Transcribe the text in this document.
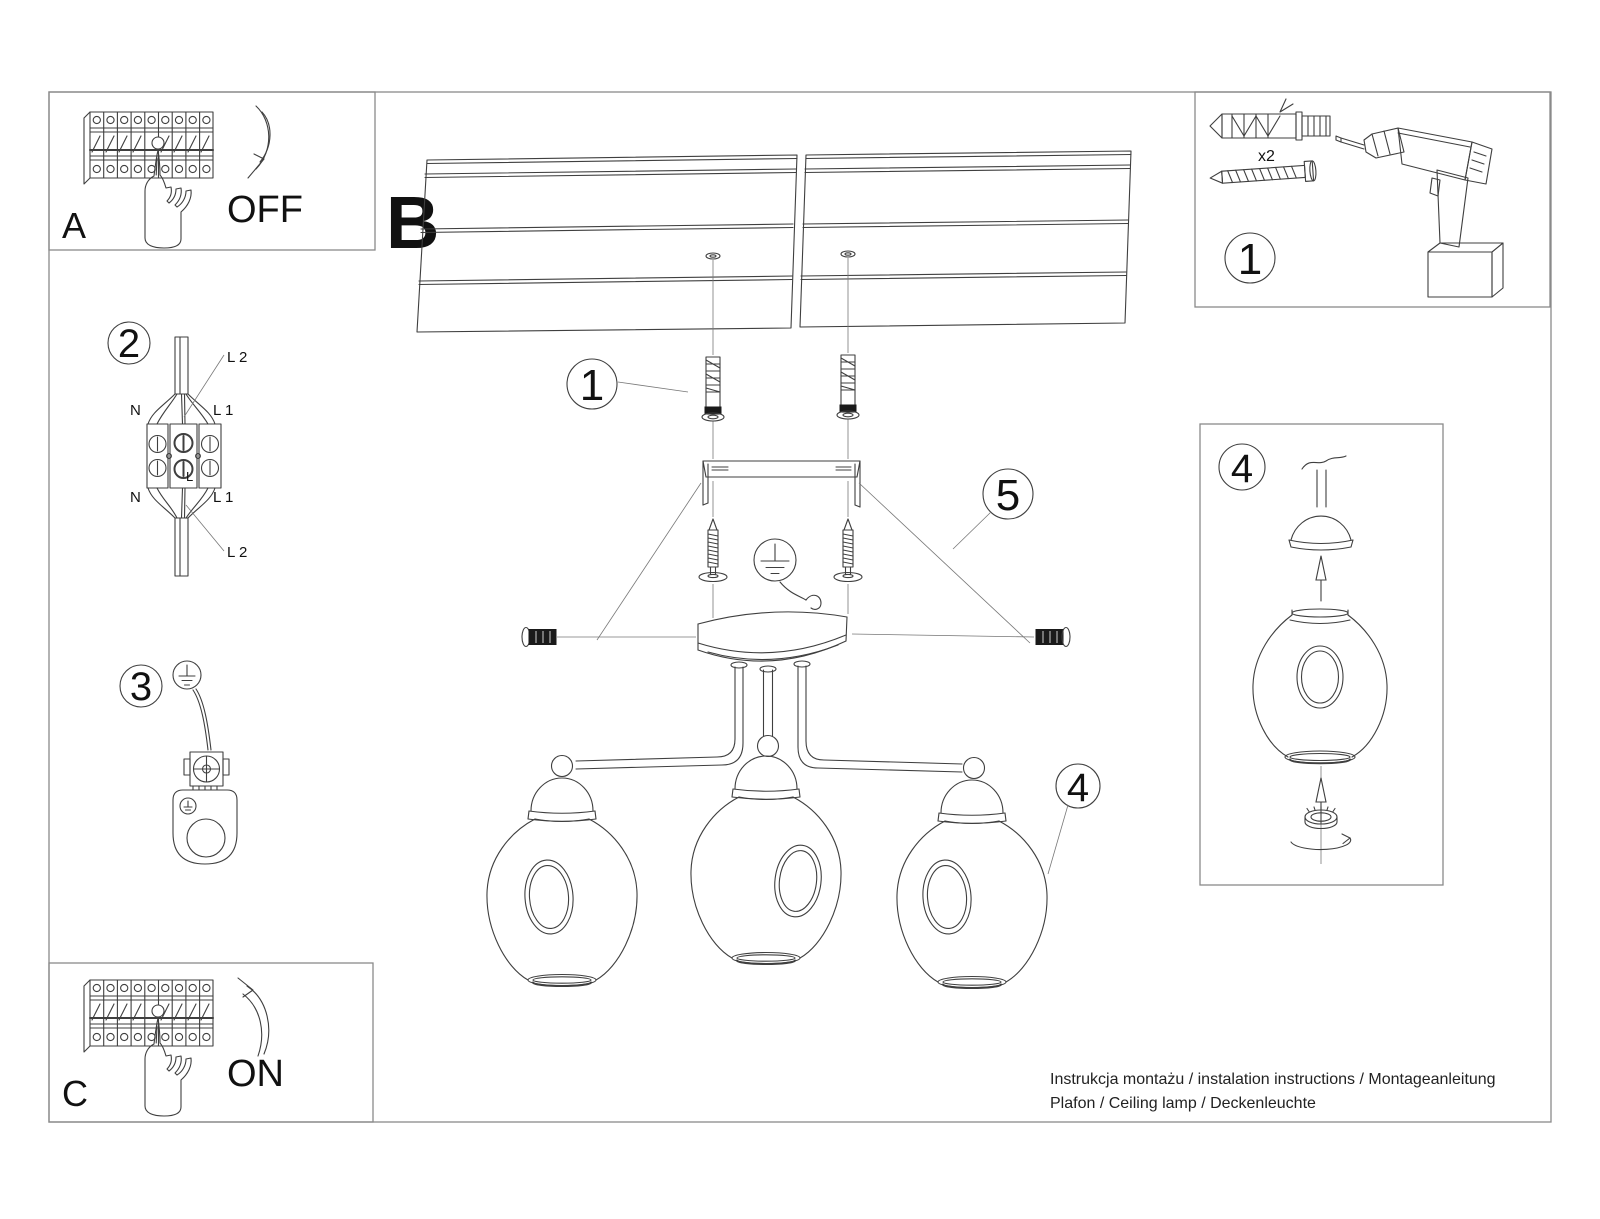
OFF
A
2	L 2
N	L 1
L
N	L 1
L 2
3
ON
C
B
1
5
4
x2
1
4
Instrukcja montażu / instalation instructions / Montageanleitung
Plafon / Ceiling lamp / Deckenleuchte
